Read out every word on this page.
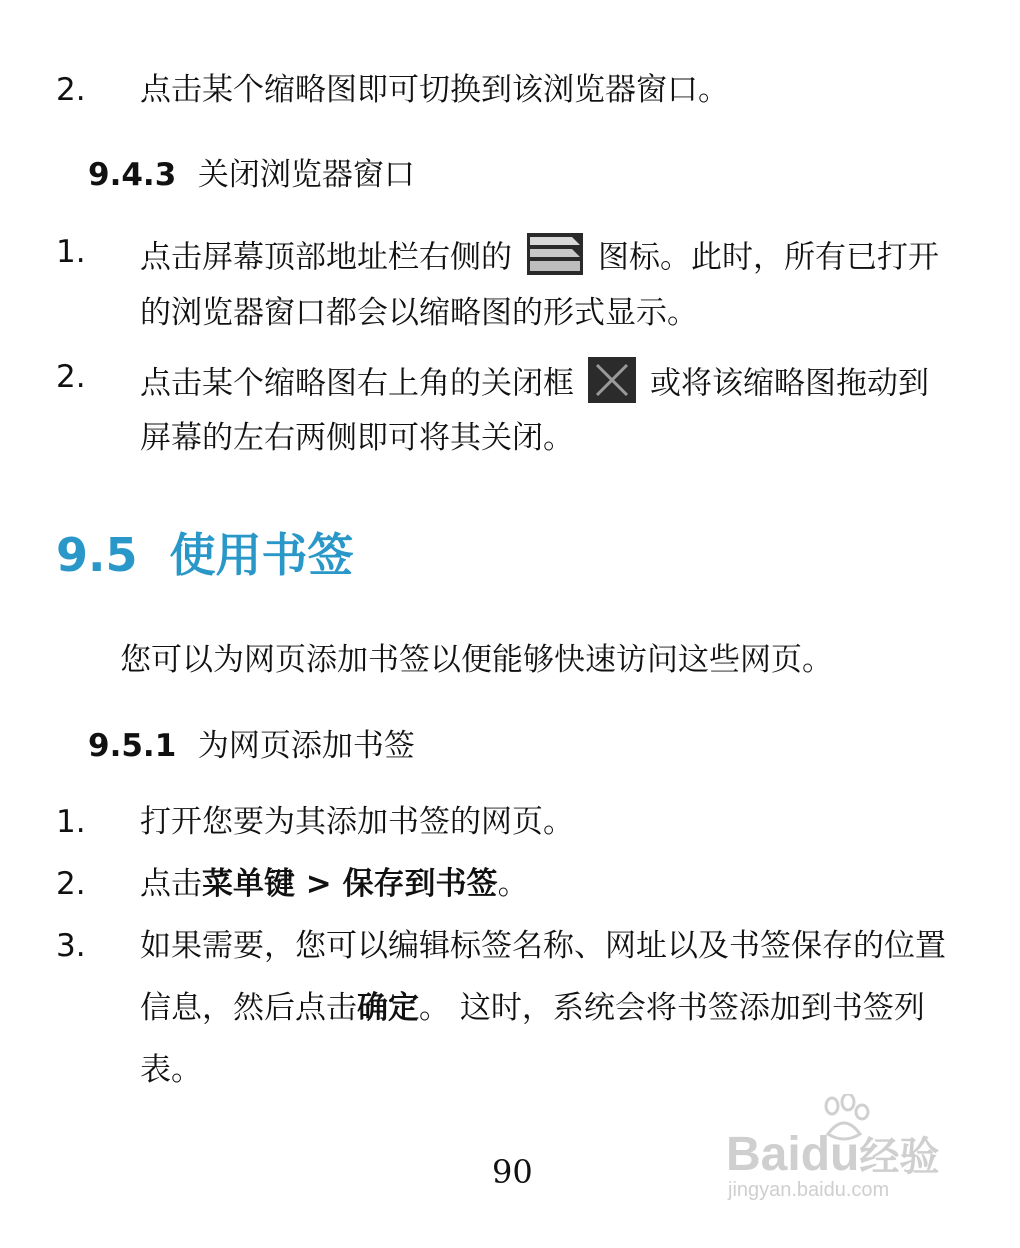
2. 点击某个缩略图即可切换到该浏览器窗口。
9.4.3 关闭浏览器窗口
1. 点击屏幕顶部地址栏右侧的	图标。此时，所有已打开
的浏览器窗口都会以缩略图的形式显示。
2. 点击某个缩略图右上角的关闭框 或将该缩略图拖动到
屏幕的左右两侧即可将其关闭。
9.5 使用书签
您可以为网页添加书签以便能够快速访问这些网页。
9.5.1 为网页添加书签
1. 打开您要为其添加书签的网页。
2. 点击菜单键 > 保存到书签。
3. 如果需要，您可以编辑标签名称、网址以及书签保存的位置
信息，然后点击确定。 这时，系统会将书签添加到书签列
表。
90	Baidu经验
jingyan.baidu.com
